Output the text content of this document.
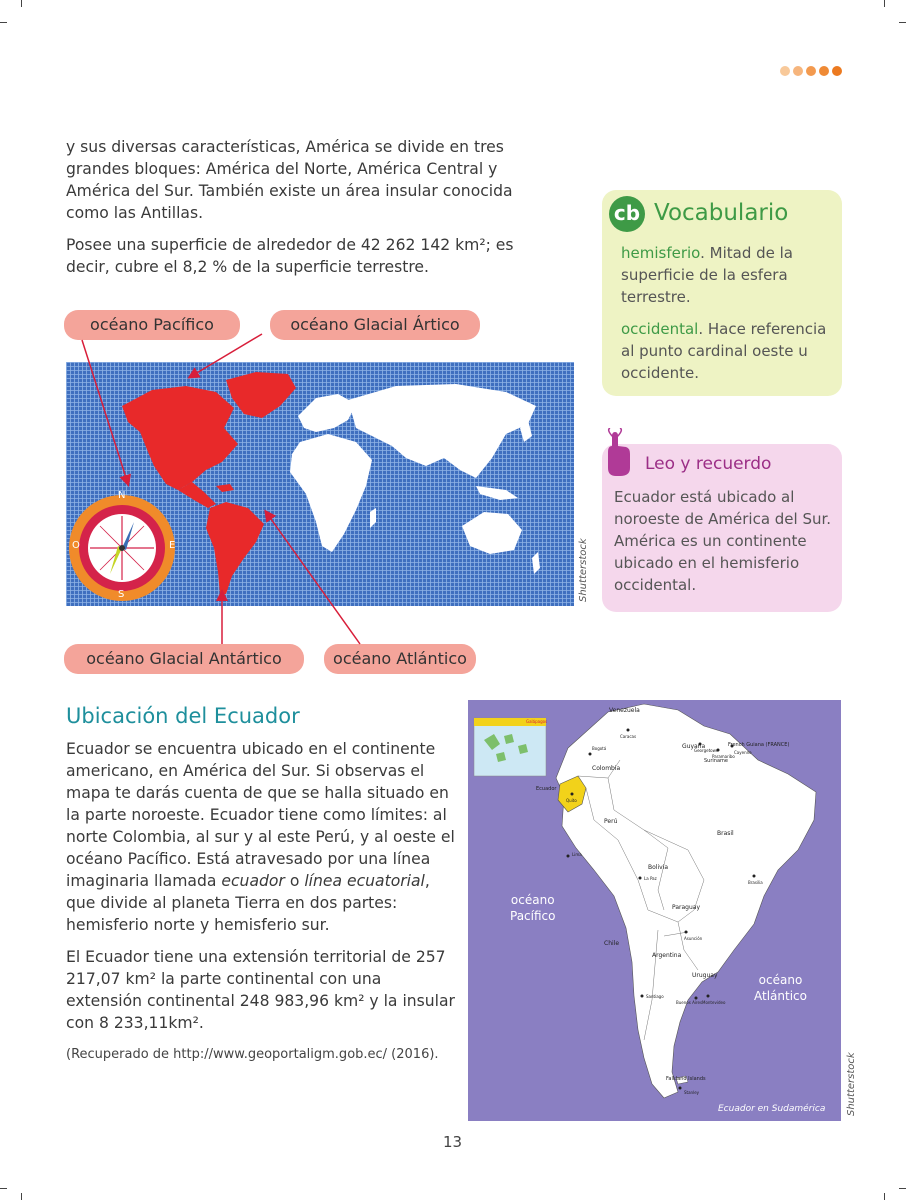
y sus diversas características, América se divide en tres grandes bloques: América del Norte, América Central y América del Sur. También existe un área insular conocida como las Antillas.

Posee una superficie de alrededor de 42 262 142 km²; es decir, cubre el 8,2 % de la superficie terrestre.

N
S
E
O	Shutterstock
océano Pacífico	océano Glacial Ártico
océano Glacial Antártico	océano Atlántico
cb Vocabulario

hemisferio. Mitad de la superficie de la esfera terrestre.

occidental. Hace referencia al punto cardinal oeste u occidente.

Leo y recuerdo
Ecuador está ubicado al noroeste de América del Sur. América es un continente ubicado en el hemisferio occidental.
Ubicación del Ecuador

Ecuador se encuentra ubicado en el continente americano, en América del Sur. Si observas el mapa te darás cuenta de que se halla situado en la parte noroeste. Ecuador tiene como límites: al norte Colombia, al sur y al este Perú, y al oeste el océano Pacífico. Está atravesado por una línea imaginaria llamada ecuador o línea ecuatorial, que divide al planeta Tierra en dos partes: hemisferio norte y hemisferio sur.

El Ecuador tiene una extensión territorial de 257 217,07 km² la parte continental con una extensión continental 248 983,96 km² y la insular con 8 233,11km².

(Recuperado de http://www.geoportaligm.gob.ec/ (2016).

Venezuela
Guyana
Suriname
French Guiana (FRANCE)
Colombia
Ecuador
Perú
Brasil
Bolivia
Paraguay
Chile
Argentina
Uruguay
Falkland Islands
Caracas
Georgetown
Paramaribo
Cayenne
Bogotá
Quito
Lima
La Paz
Brasilia
Asunción
Santiago
Buenos Aires Montevideo
Stanley
Galápagos
océano
Pacífico
océano
Atlántico
Ecuador en Sudamérica Shutterstock
13
